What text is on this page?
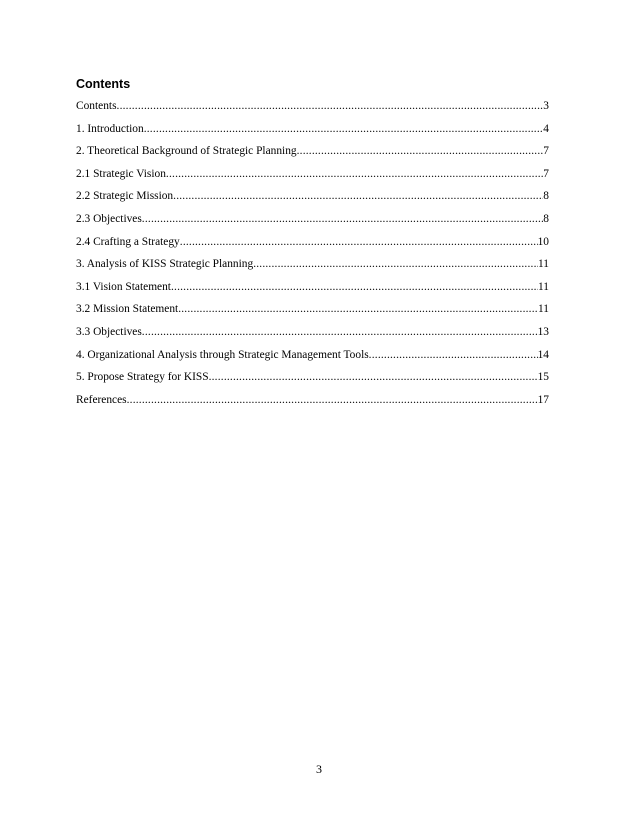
Contents
Contents .....	3
1. Introduction .....	4
2. Theoretical Background of Strategic Planning .....	7
2.1 Strategic Vision .....	7
2.2 Strategic Mission .....	8
2.3 Objectives .....	8
2.4 Crafting a Strategy .....	10
3. Analysis of KISS Strategic Planning .....	11
3.1 Vision Statement .....	11
3.2 Mission Statement .....	11
3.3 Objectives .....	13
4. Organizational Analysis through Strategic Management Tools .....	14
5. Propose Strategy for KISS .....	15
References .....	17
3
